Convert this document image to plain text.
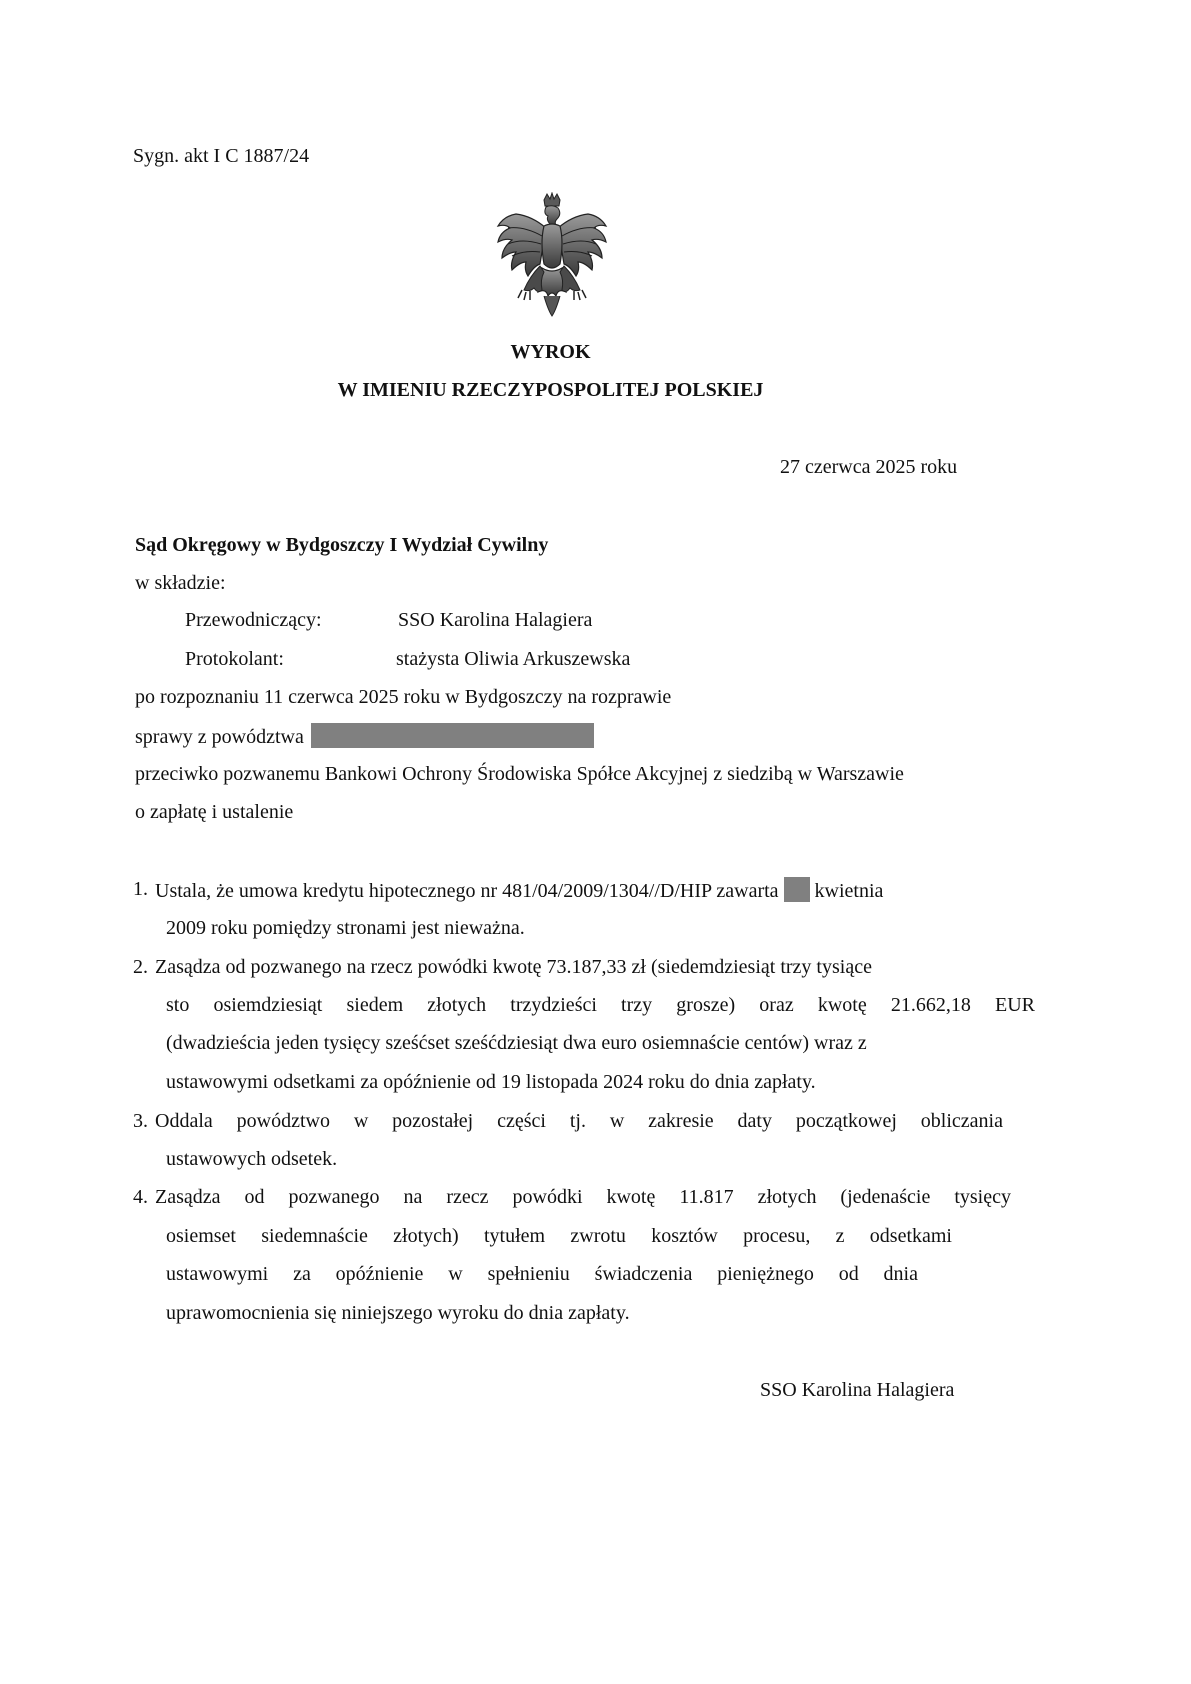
Sygn. akt I C 1887/24
WYROK
W IMIENIU RZECZYPOSPOLITEJ POLSKIEJ
27 czerwca 2025 roku
Sąd Okręgowy w Bydgoszczy I Wydział Cywilny
w składzie:
Przewodniczący:	SSO Karolina Halagiera
Protokolant:	stażysta Oliwia Arkuszewska
po rozpoznaniu 11 czerwca 2025 roku w Bydgoszczy na rozprawie
sprawy z powództwa
przeciwko pozwanemu Bankowi Ochrony Środowiska Spółce Akcyjnej z siedzibą w Warszawie
o zapłatę i ustalenie
1. Ustala, że umowa kredytu hipotecznego nr 481/04/2009/1304//D/HIP zawarta kwietnia
2009 roku pomiędzy stronami jest nieważna.
2. Zasądza od pozwanego na rzecz powódki kwotę 73.187,33 zł (siedemdziesiąt trzy tysiące
sto osiemdziesiąt siedem złotych trzydzieści trzy grosze) oraz kwotę 21.662,18 EUR
(dwadzieścia jeden tysięcy sześćset sześćdziesiąt dwa euro osiemnaście centów) wraz z
ustawowymi odsetkami za opóźnienie od 19 listopada 2024 roku do dnia zapłaty.
3. Oddala powództwo w pozostałej części tj. w zakresie daty początkowej obliczania
ustawowych odsetek.
4. Zasądza od pozwanego na rzecz powódki kwotę 11.817 złotych (jedenaście tysięcy
osiemset siedemnaście złotych) tytułem zwrotu kosztów procesu, z odsetkami
ustawowymi za opóźnienie w spełnieniu świadczenia pieniężnego od dnia
uprawomocnienia się niniejszego wyroku do dnia zapłaty.
SSO Karolina Halagiera
